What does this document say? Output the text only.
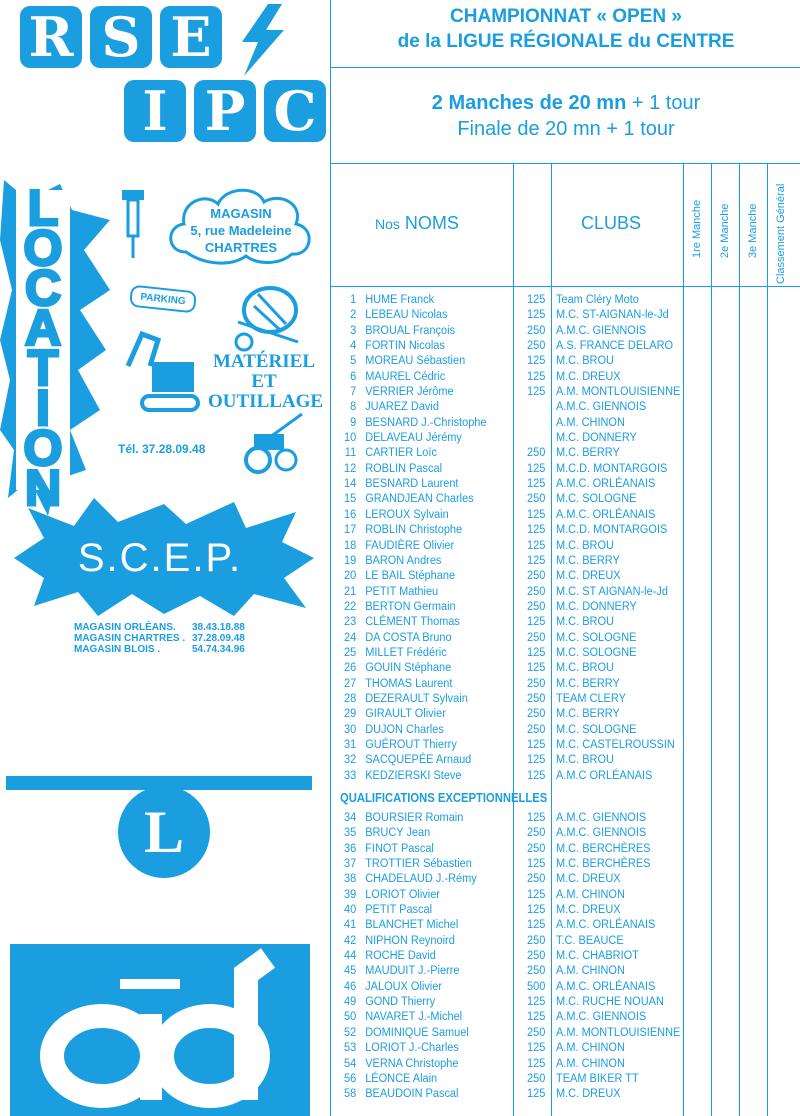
R S E
I P C
L
O
C
A
T
I
O
N
MAGASIN
5, rue Madeleine
CHARTRES
PARKING
MATÉRIEL
ET
OUTILLAGE
Tél. 37.28.09.48
S.C.E.P.
MAGASIN ORLÉANS.	38.43.18.88
MAGASIN CHARTRES . 37.28.09.48
MAGASIN BLOIS .	54.74.34.96
L
ad
CHAMPIONNAT « OPEN »
de la LIGUE RÉGIONALE du CENTRE
2 Manches de 20 mn + 1 tour
Finale de 20 mn + 1 tour
Nos NOMS	CLUBS	1re Manche 2e Manche 3e Manche Classement Général
1 HUME Franck	125 Team Cléry Moto
2 LEBEAU Nicolas	125 M.C. ST-AIGNAN-le-Jd
3 BROUAL François	250 A.M.C. GIENNOIS
4 FORTIN Nicolas	250 A.S. FRANCE DELARO
5 MOREAU Sébastien	125 M.C. BROU
6 MAUREL Cédric	125 M.C. DREUX
7 VERRIER Jérôme	125 A.M. MONTLOUISIENNE
8 JUAREZ David	A.M.C. GIENNOIS
9 BESNARD J.-Christophe	A.M. CHINON
10 DELAVEAU Jérémy	M.C. DONNERY
11 CARTIER Loïc	250 M.C. BERRY
12 ROBLIN Pascal	125 M.C.D. MONTARGOIS
14 BESNARD Laurent	125 A.M.C. ORLÉANAIS
15 GRANDJEAN Charles	250 M.C. SOLOGNE
16 LEROUX Sylvain	125 A.M.C. ORLÉANAIS
17 ROBLIN Christophe	125 M.C.D. MONTARGOIS
18 FAUDIÈRE Olivier	125 M.C. BROU
19 BARON Andres	125 M.C. BERRY
20 LE BAIL Stéphane	250 M.C. DREUX
21 PETIT Mathieu	250 M.C. ST AIGNAN-le-Jd
22 BERTON Germain	250 M.C. DONNERY
23 CLÉMENT Thomas	125 M.C. BROU
24 DA COSTA Bruno	250 M.C. SOLOGNE
25 MILLET Frédéric	125 M.C. SOLOGNE
26 GOUIN Stéphane	125 M.C. BROU
27 THOMAS Laurent	250 M.C. BERRY
28 DEZERAULT Sylvain	250 TEAM CLERY
29 GIRAULT Olivier	250 M.C. BERRY
30 DUJON Charles	250 M.C. SOLOGNE
31 GUÉROUT Thierry	125 M.C. CASTELROUSSIN
32 SACQUEPÉE Arnaud	125 M.C. BROU
33 KEDZIERSKI Steve	125 A.M.C ORLÉANAIS
QUALIFICATIONS EXCEPTIONNELLES
34 BOURSIER Romain	125 A.M.C. GIENNOIS
35 BRUCY Jean	250 A.M.C. GIENNOIS
36 FINOT Pascal	250 M.C. BERCHÈRES
37 TROTTIER Sébastien	125 M.C. BERCHÈRES
38 CHADELAUD J.-Rémy	250 M.C. DREUX
39 LORIOT Olivier	125 A.M. CHINON
40 PETIT Pascal	125 M.C. DREUX
41 BLANCHET Michel	125 A.M.C. ORLÉANAIS
42 NIPHON Reynoird	250 T.C. BEAUCE
44 ROCHE David	250 M.C. CHABRIOT
45 MAUDUIT J.-Pierre	250 A.M. CHINON
46 JALOUX Olivier	500 A.M.C. ORLÉANAIS
49 GOND Thierry	125 M.C. RUCHE NOUAN
50 NAVARET J.-Michel	125 A.M.C. GIENNOIS
52 DOMINIQUE Samuel	250 A.M. MONTLOUISIENNE
53 LORIOT J.-Charles	125 A.M. CHINON
54 VERNA Christophe	125 A.M. CHINON
56 LÉONCE Alain	250 TEAM BIKER TT
58 BEAUDOIN Pascal	125 M.C. DREUX
